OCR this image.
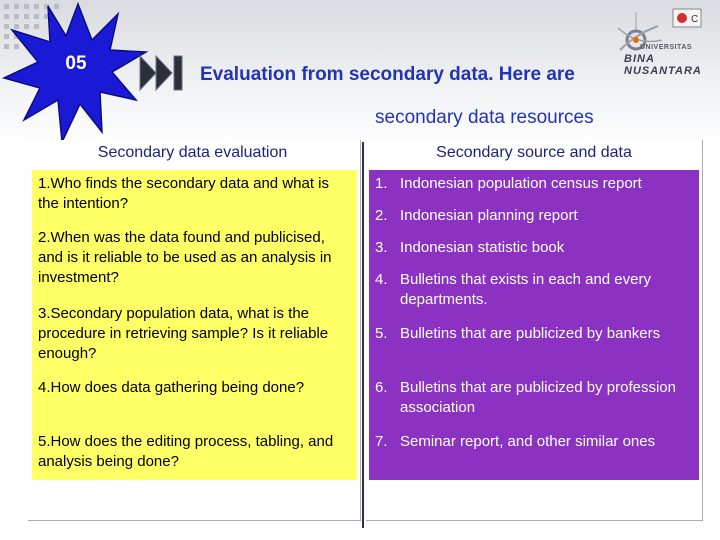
05
Evaluation from secondary data. Here are
secondary data resources
UNIVERSITAS
BINA NUSANTARA
C
Secondary data evaluation	Secondary source and data
1.Who finds the secondary data and what is the intention?
2.When was the data found and publicised, and is it reliable to be used as an analysis in investment?
3.Secondary population data, what is the procedure in retrieving sample? Is it reliable enough?
4.How does data gathering being done?
5.How does the editing process, tabling, and analysis being done?
1. Indonesian population census report
2. Indonesian planning report
3. Indonesian statistic book
4. Bulletins that exists in each and every departments.
5. Bulletins that are publicized by bankers
6. Bulletins that are publicized by profession association
7. Seminar report, and other similar ones
